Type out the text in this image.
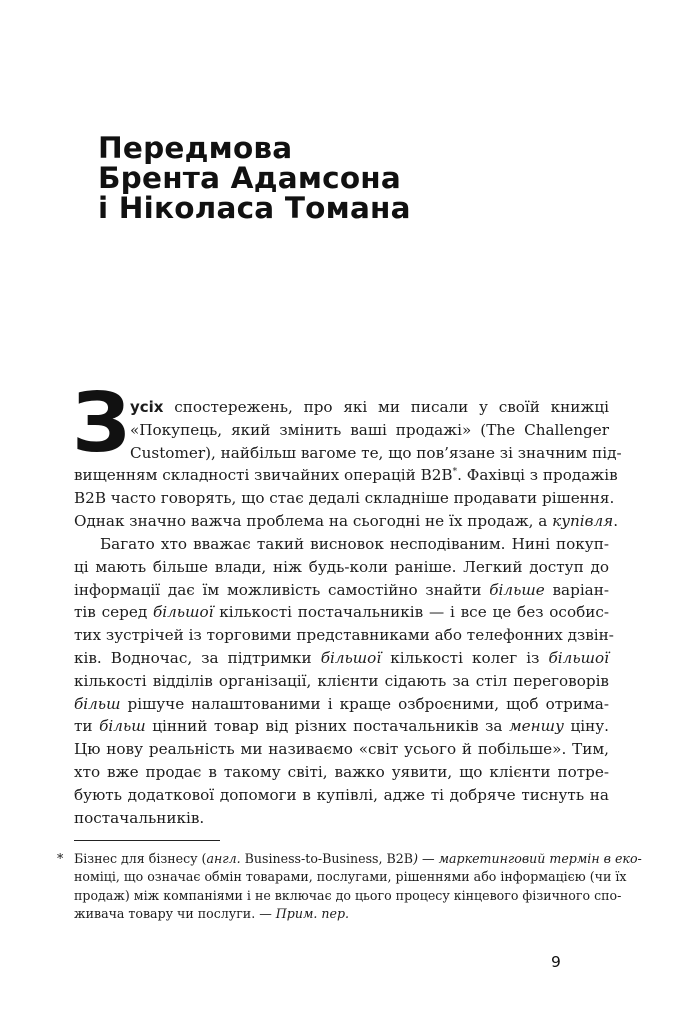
Передмова
Брента Адамсона
і Ніколаса Томана
З усіх спостережень, про які ми писали у своїй книжці
«Покупець, який змінить ваші продажі» (The Challenger
Customer), найбільш вагоме те, що пов’язане зі значним під-
вищенням складності звичайних операцій B2B*. Фахівці з продажів
B2B часто говорять, що стає дедалі складніше продавати рішення.
Однак значно важча проблема на сьогодні не їх продаж, а купівля.
Багато хто вважає такий висновок несподіваним. Нині покуп-
ці мають більше влади, ніж будь-коли раніше. Легкий доступ до
інформації дає їм можливість самостійно знайти більше варіан-
тів серед більшої кількості постачальників — і все це без особис-
тих зустрічей із торговими представниками або телефонних дзвін-
ків. Водночас, за підтримки більшої кількості колег із більшої
кількості відділів організації, клієнти сідають за стіл переговорів
більш рішуче налаштованими і краще озброєними, щоб отрима-
ти більш цінний товар від різних постачальників за меншу ціну.
Цю нову реальність ми називаємо «світ усього й побільше». Тим,
хто вже продає в такому світі, важко уявити, що клієнти потре-
бують додаткової допомоги в купівлі, адже ті добряче тиснуть на
постачальників.
* Бізнес для бізнесу (англ. Business-to-Business, B2B) — маркетинговий термін в еко-
номіці, що означає обмін товарами, послугами, рішеннями або інформацією (чи їх
продаж) між компаніями і не включає до цього процесу кінцевого фізичного спо-
живача товару чи послуги. — Прим. пер.
9
